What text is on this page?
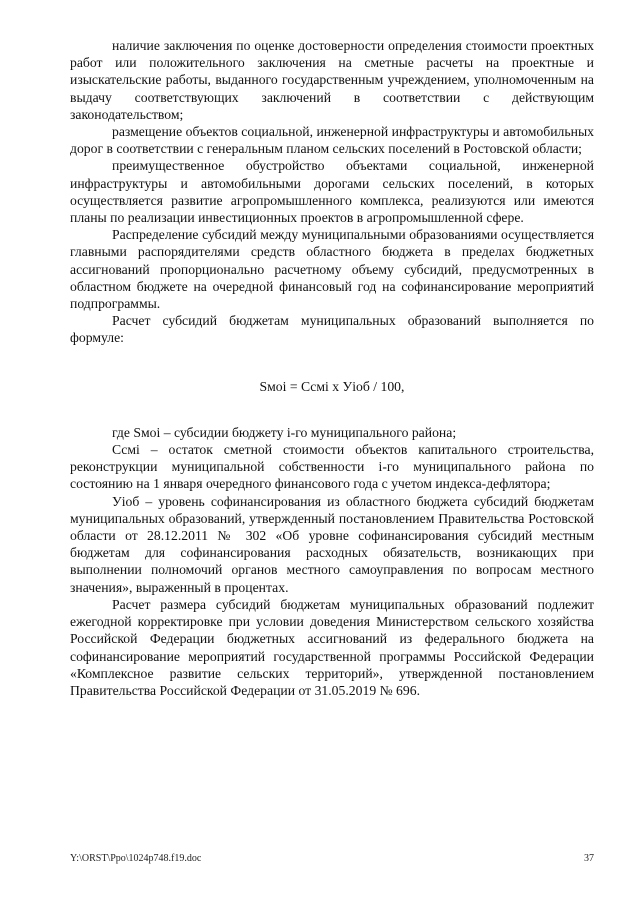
наличие заключения по оценке достоверности определения стоимости проектных работ или положительного заключения на сметные расчеты на проектные и изыскательские работы, выданного государственным учреждением, уполномоченным на выдачу соответствующих заключений в соответствии с действующим законодательством;

размещение объектов социальной, инженерной инфраструктуры и автомобильных дорог в соответствии с генеральным планом сельских поселений в Ростовской области;

преимущественное обустройство объектами социальной, инженерной инфраструктуры и автомобильными дорогами сельских поселений, в которых осуществляется развитие агропромышленного комплекса, реализуются или имеются планы по реализации инвестиционных проектов в агропромышленной сфере.

Распределение субсидий между муниципальными образованиями осуществляется главными распорядителями средств областного бюджета в пределах бюджетных ассигнований пропорционально расчетному объему субсидий, предусмотренных в областном бюджете на очередной финансовый год на софинансирование мероприятий подпрограммы.

Расчет субсидий бюджетам муниципальных образований выполняется по формуле:

Sмоi = Ссмi х Уioб / 100,

где Sмоi – субсидии бюджету i-го муниципального района;

Ссмi – остаток сметной стоимости объектов капитального строительства, реконструкции муниципальной собственности i-го муниципального района по состоянию на 1 января очередного финансового года с учетом индекса-дефлятора;

Уioб – уровень софинансирования из областного бюджета субсидий бюджетам муниципальных образований, утвержденный постановлением Правительства Ростовской области от 28.12.2011 № 302 «Об уровне софинансирования субсидий местным бюджетам для софинансирования расходных обязательств, возникающих при выполнении полномочий органов местного самоуправления по вопросам местного значения», выраженный в процентах.

Расчет размера субсидий бюджетам муниципальных образований подлежит ежегодной корректировке при условии доведения Министерством сельского хозяйства Российской Федерации бюджетных ассигнований из федерального бюджета на софинансирование мероприятий государственной программы Российской Федерации «Комплексное развитие сельских территорий», утвержденной постановлением Правительства Российской Федерации от 31.05.2019 № 696.

Y:\ORST\Ppo\1024p748.f19.doc	37
